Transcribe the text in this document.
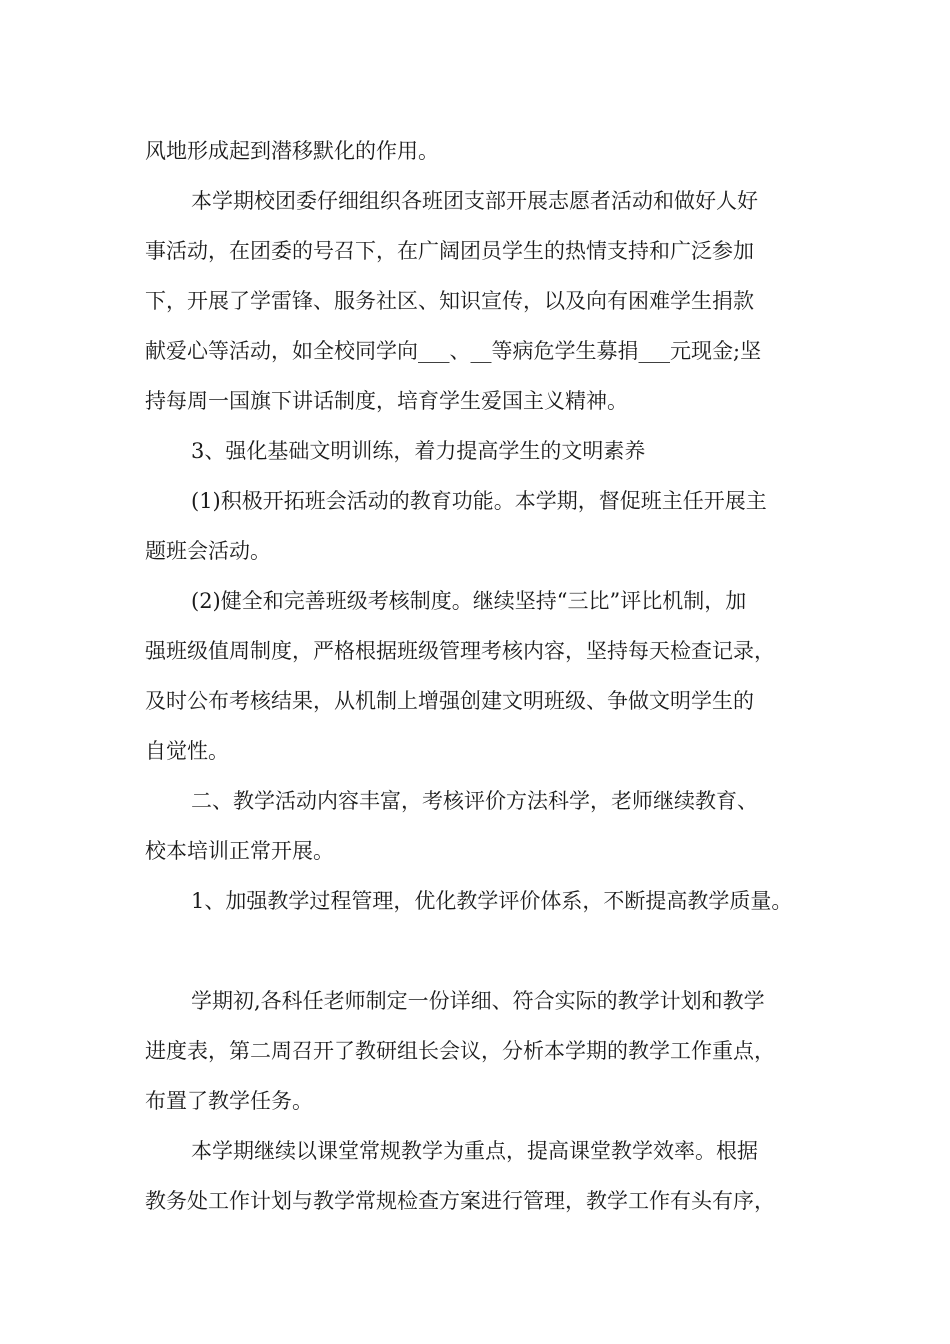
风地形成起到潜移默化的作用。
本学期校团委仔细组织各班团支部开展志愿者活动和做好人好
事活动，在团委的号召下，在广阔团员学生的热情支持和广泛参加
下，开展了学雷锋、服务社区、知识宣传，以及向有困难学生捐款
献爱心等活动，如全校同学向___、__等病危学生募捐___元现金;坚
持每周一国旗下讲话制度，培育学生爱国主义精神。
3、强化基础文明训练，着力提高学生的文明素养
(1)积极开拓班会活动的教育功能。本学期，督促班主任开展主
题班会活动。
(2)健全和完善班级考核制度。继续坚持“三比”评比机制，加
强班级值周制度，严格根据班级管理考核内容，坚持每天检查记录，
及时公布考核结果，从机制上增强创建文明班级、争做文明学生的
自觉性。
二、教学活动内容丰富，考核评价方法科学，老师继续教育、
校本培训正常开展。
1、加强教学过程管理，优化教学评价体系，不断提高教学质量。
学期初,各科任老师制定一份详细、符合实际的教学计划和教学
进度表，第二周召开了教研组长会议，分析本学期的教学工作重点，
布置了教学任务。
本学期继续以课堂常规教学为重点，提高课堂教学效率。根据
教务处工作计划与教学常规检查方案进行管理，教学工作有头有序，
